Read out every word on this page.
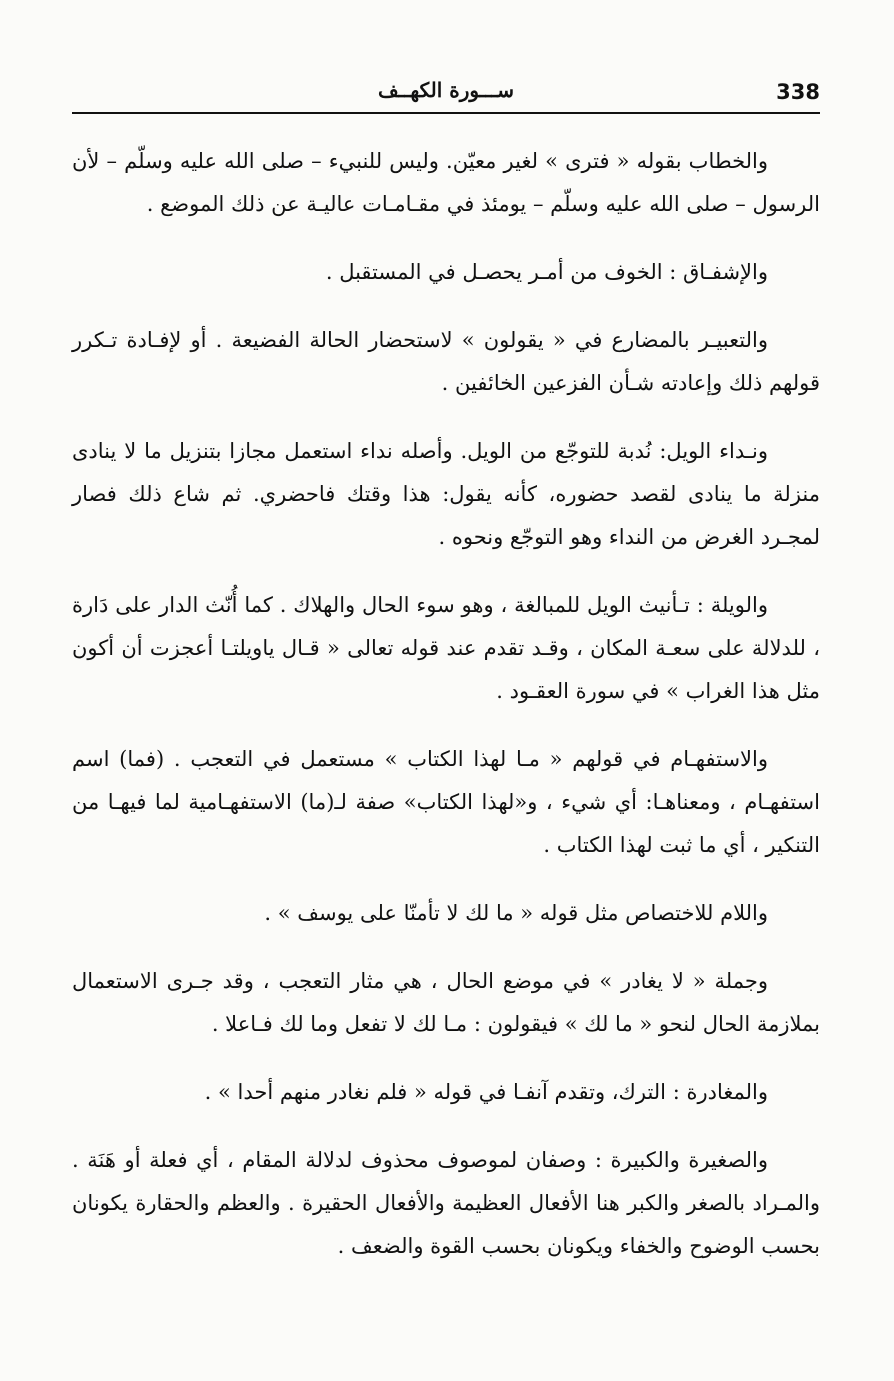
338
ســـورة الكهــف

والخطاب بقوله « فترى » لغير معيّن. وليس للنبيء – صلى الله عليه وسلّم – لأن الرسول – صلى الله عليه وسلّم – يومئذ في مقـامـات عاليـة عن ذلك الموضع .

والإشفـاق : الخوف من أمـر يحصـل في المستقبل .

والتعبيـر بالمضارع في « يقولون » لاستحضار الحالة الفضيعة . أو لإفـادة تـكرر قولهم ذلك وإعادته شـأن الفزعين الخائفين .

ونـداء الويل: نُدبة للتوجّع من الويل. وأصله نداء استعمل مجازا بتنزيل ما لا ينادى منزلة ما ينادى لقصد حضوره، كأنه يقول: هذا وقتك فاحضري. ثم شاع ذلك فصار لمجـرد الغرض من النداء وهو التوجّع ونحوه .

والويلة : تـأنيث الويل للمبالغة ، وهو سوء الحال والهلاك . كما أُنّث الدار على دَارة ، للدلالة على سعـة المكان ، وقـد تقدم عند قوله تعالى « قـال ياويلتـا أعجزت أن أكون مثل هذا الغراب » في سورة العقـود .

والاستفهـام في قولهم « مـا لهذا الكتاب » مستعمل في التعجب . (فما) اسم استفهـام ، ومعناهـا: أي شيء ، و«لهذا الكتاب» صفة لـ(ما) الاستفهـامية لما فيهـا من التنكير ، أي ما ثبت لهذا الكتاب .

واللام للاختصاص مثل قوله « ما لك لا تأمنّا على يوسف » .

وجملة « لا يغادر » في موضع الحال ، هي مثار التعجب ، وقد جـرى الاستعمال بملازمة الحال لنحو « ما لك » فيقولون : مـا لك لا تفعل وما لك فـاعلا .

والمغادرة : الترك، وتقدم آنفـا في قوله « فلم نغادر منهم أحدا » .

والصغيرة والكبيرة : وصفان لموصوف محذوف لدلالة المقام ، أي فعلة أو هَنَة . والمـراد بالصغر والكبر هنا الأفعال العظيمة والأفعال الحقيرة . والعظم والحقارة يكونان بحسب الوضوح والخفاء ويكونان بحسب القوة والضعف .
